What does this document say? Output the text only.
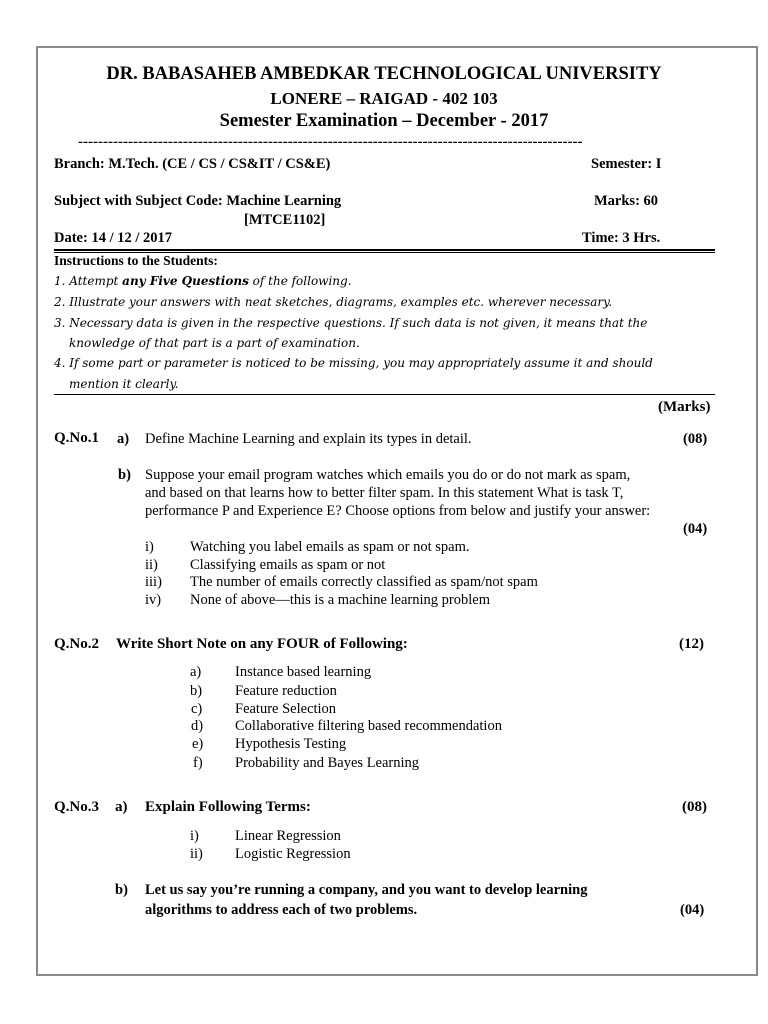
DR. BABASAHEB AMBEDKAR TECHNOLOGICAL UNIVERSITY
LONERE – RAIGAD - 402 103
Semester Examination – December - 2017
-----------------------------------------------------------------------------------------------------
Branch: M.Tech. (CE / CS / CS&IT / CS&E)	Semester: I
Subject with Subject Code: Machine Learning
[MTCE1102]
Marks: 60
Date: 14 / 12 / 2017	Time: 3 Hrs.
Instructions to the Students:
1. Attempt any Five Questions of the following.
2. Illustrate your answers with neat sketches, diagrams, examples etc. wherever necessary.
3. Necessary data is given in the respective questions. If such data is not given, it means that the
knowledge of that part is a part of examination.
4. If some part or parameter is noticed to be missing, you may appropriately assume it and should
mention it clearly.
(Marks)
Q.No.1 a) Define Machine Learning and explain its types in detail.	(08)
b) Suppose your email program watches which emails you do or do not mark as spam,
and based on that learns how to better filter spam. In this statement What is task T,
performance P and Experience E? Choose options from below and justify your answer:
(04)
i) Watching you label emails as spam or not spam.
ii) Classifying emails as spam or not
iii) The number of emails correctly classified as spam/not spam
iv) None of above—this is a machine learning problem
Q.No.2 Write Short Note on any FOUR of Following:	(12)
a) Instance based learning
b) Feature reduction
c) Feature Selection
d) Collaborative filtering based recommendation
e) Hypothesis Testing
f) Probability and Bayes Learning
Q.No.3 a) Explain Following Terms:	(08)
i) Linear Regression
ii) Logistic Regression
b) Let us say you’re running a company, and you want to develop learning
algorithms to address each of two problems.	(04)
